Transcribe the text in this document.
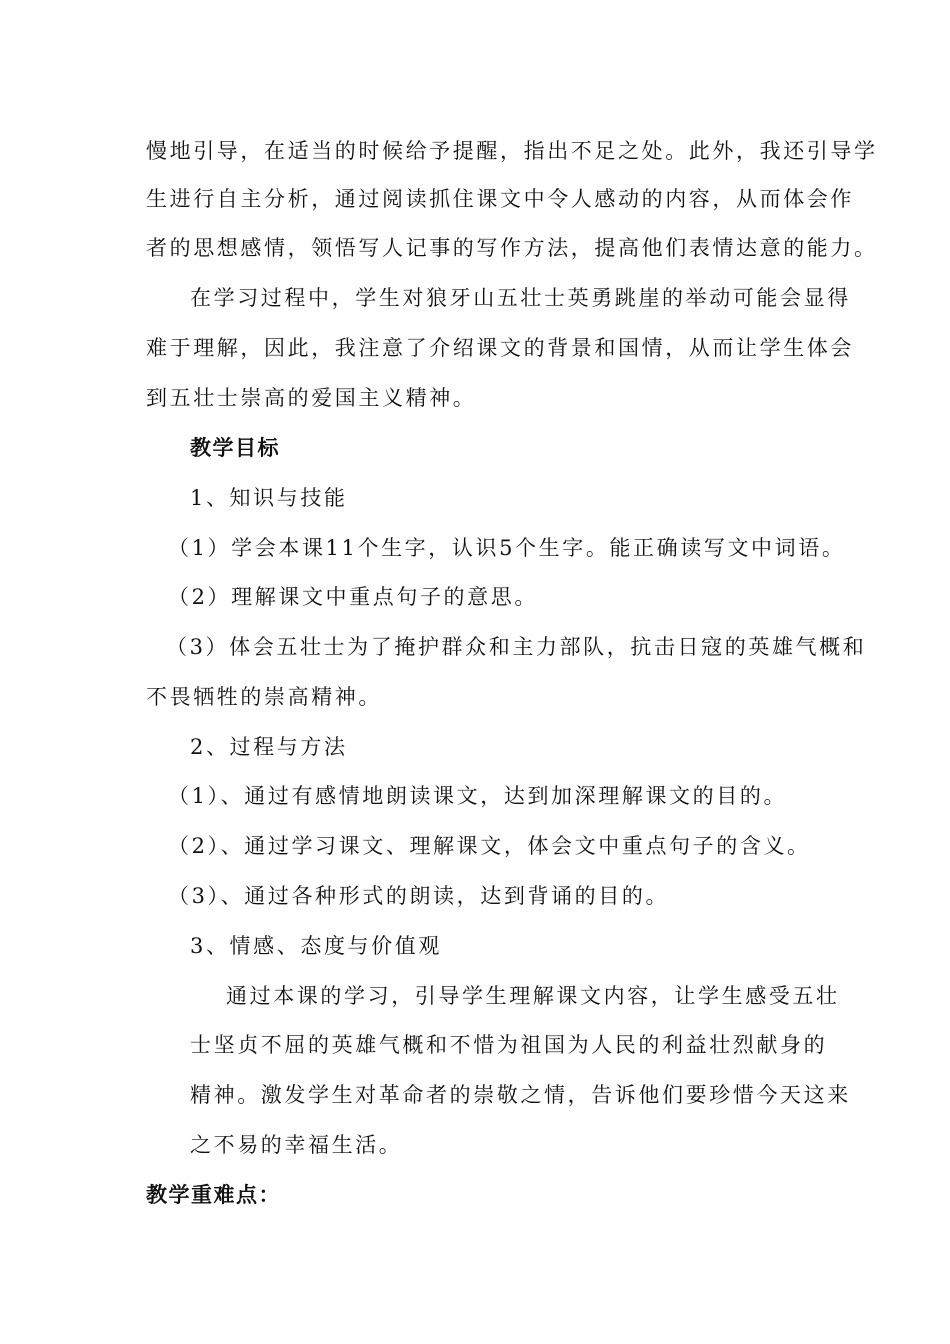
慢地引导，在适当的时候给予提醒，指出不足之处。此外，我还引导学
生进行自主分析，通过阅读抓住课文中令人感动的内容，从而体会作
者的思想感情，领悟写人记事的写作方法，提高他们表情达意的能力。
在学习过程中，学生对狼牙山五壮士英勇跳崖的举动可能会显得
难于理解，因此，我注意了介绍课文的背景和国情，从而让学生体会
到五壮士崇高的爱国主义精神。
教学目标
1、知识与技能
（1）学会本课11个生字，认识5个生字。能正确读写文中词语。
（2）理解课文中重点句子的意思。
（3）体会五壮士为了掩护群众和主力部队，抗击日寇的英雄气概和
不畏牺牲的崇高精神。
2、过程与方法
（1）、通过有感情地朗读课文，达到加深理解课文的目的。
（2）、通过学习课文、理解课文，体会文中重点句子的含义。
（3）、通过各种形式的朗读，达到背诵的目的。
3、情感、态度与价值观
通过本课的学习，引导学生理解课文内容，让学生感受五壮
士坚贞不屈的英雄气概和不惜为祖国为人民的利益壮烈献身的
精神。激发学生对革命者的崇敬之情，告诉他们要珍惜今天这来
之不易的幸福生活。
教学重难点：
